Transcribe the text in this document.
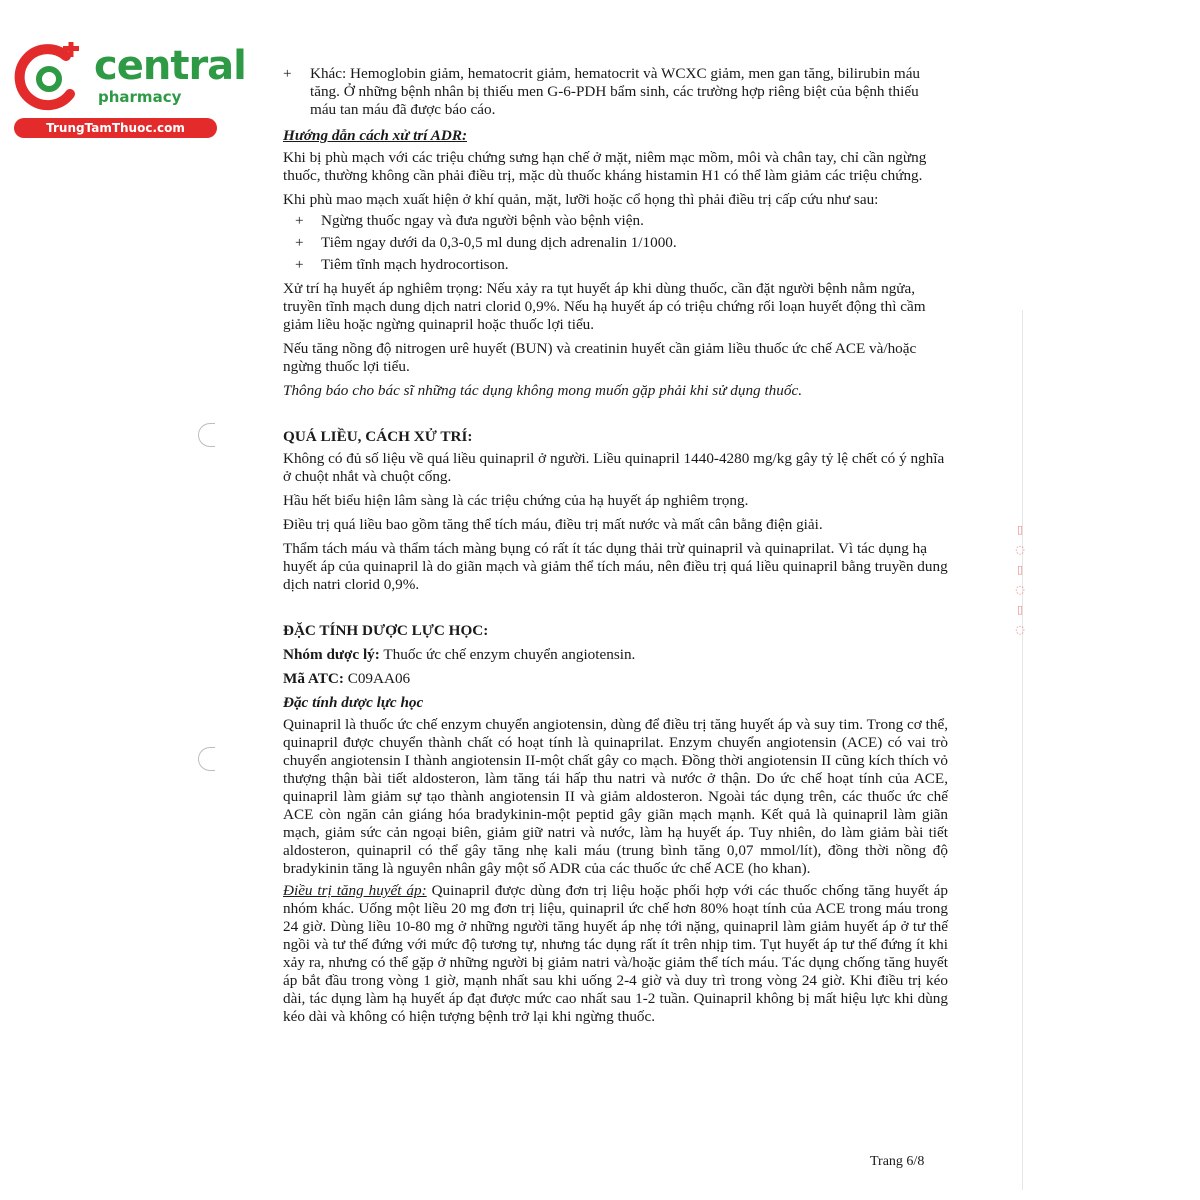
central
pharmacy
TrungTamThuoc.com
▯
◌
▯
◌
▯
◌

+ Khác: Hemoglobin giảm, hematocrit giảm, hematocrit và WCXC giảm, men gan tăng, bilirubin máu tăng. Ở những bệnh nhân bị thiếu men G-6-PDH bẩm sinh, các trường hợp riêng biệt của bệnh thiếu máu tan máu đã được báo cáo.

Hướng dẫn cách xử trí ADR:

Khi bị phù mạch với các triệu chứng sưng hạn chế ở mặt, niêm mạc mồm, môi và chân tay, chỉ cần ngừng thuốc, thường không cần phải điều trị, mặc dù thuốc kháng histamin H1 có thể làm giảm các triệu chứng.

Khi phù mao mạch xuất hiện ở khí quản, mặt, lưỡi hoặc cổ họng thì phải điều trị cấp cứu như sau:

+ Ngừng thuốc ngay và đưa người bệnh vào bệnh viện.

+ Tiêm ngay dưới da 0,3-0,5 ml dung dịch adrenalin 1/1000.

+ Tiêm tĩnh mạch hydrocortison.

Xử trí hạ huyết áp nghiêm trọng: Nếu xảy ra tụt huyết áp khi dùng thuốc, cần đặt người bệnh nằm ngửa, truyền tĩnh mạch dung dịch natri clorid 0,9%. Nếu hạ huyết áp có triệu chứng rối loạn huyết động thì cầm giảm liều hoặc ngừng quinapril hoặc thuốc lợi tiểu.

Nếu tăng nồng độ nitrogen urê huyết (BUN) và creatinin huyết cần giảm liều thuốc ức chế ACE và/hoặc ngừng thuốc lợi tiểu.

Thông báo cho bác sĩ những tác dụng không mong muốn gặp phải khi sử dụng thuốc.

QUÁ LIỀU, CÁCH XỬ TRÍ:

Không có đủ số liệu về quá liều quinapril ở người. Liều quinapril 1440-4280 mg/kg gây tỷ lệ chết có ý nghĩa ở chuột nhắt và chuột cống.

Hầu hết biểu hiện lâm sàng là các triệu chứng của hạ huyết áp nghiêm trọng.

Điều trị quá liều bao gồm tăng thể tích máu, điều trị mất nước và mất cân bằng điện giải.

Thẩm tách máu và thẩm tách màng bụng có rất ít tác dụng thải trừ quinapril và quinaprilat. Vì tác dụng hạ huyết áp của quinapril là do giãn mạch và giảm thể tích máu, nên điều trị quá liều quinapril bằng truyền dung dịch natri clorid 0,9%.

ĐẶC TÍNH DƯỢC LỰC HỌC:

Nhóm dược lý: Thuốc ức chế enzym chuyển angiotensin.

Mã ATC: C09AA06

Đặc tính dược lực học

Quinapril là thuốc ức chế enzym chuyển angiotensin, dùng để điều trị tăng huyết áp và suy tim. Trong cơ thể, quinapril được chuyển thành chất có hoạt tính là quinaprilat. Enzym chuyển angiotensin (ACE) có vai trò chuyển angiotensin I thành angiotensin II-một chất gây co mạch. Đồng thời angiotensin II cũng kích thích vỏ thượng thận bài tiết aldosteron, làm tăng tái hấp thu natri và nước ở thận. Do ức chế hoạt tính của ACE, quinapril làm giảm sự tạo thành angiotensin II và giảm aldosteron. Ngoài tác dụng trên, các thuốc ức chế ACE còn ngăn cản giáng hóa bradykinin-một peptid gây giãn mạch mạnh. Kết quả là quinapril làm giãn mạch, giảm sức cản ngoại biên, giảm giữ natri và nước, làm hạ huyết áp. Tuy nhiên, do làm giảm bài tiết aldosteron, quinapril có thể gây tăng nhẹ kali máu (trung bình tăng 0,07 mmol/lít), đồng thời nồng độ bradykinin tăng là nguyên nhân gây một số ADR của các thuốc ức chế ACE (ho khan).

Điều trị tăng huyết áp: Quinapril được dùng đơn trị liệu hoặc phối hợp với các thuốc chống tăng huyết áp nhóm khác. Uống một liều 20 mg đơn trị liệu, quinapril ức chế hơn 80% hoạt tính của ACE trong máu trong 24 giờ. Dùng liều 10-80 mg ở những người tăng huyết áp nhẹ tới nặng, quinapril làm giảm huyết áp ở tư thế ngồi và tư thế đứng với mức độ tương tự, nhưng tác dụng rất ít trên nhịp tim. Tụt huyết áp tư thế đứng ít khi xảy ra, nhưng có thể gặp ở những người bị giảm natri và/hoặc giảm thể tích máu. Tác dụng chống tăng huyết áp bắt đầu trong vòng 1 giờ, mạnh nhất sau khi uống 2-4 giờ và duy trì trong vòng 24 giờ. Khi điều trị kéo dài, tác dụng làm hạ huyết áp đạt được mức cao nhất sau 1-2 tuần. Quinapril không bị mất hiệu lực khi dùng kéo dài và không có hiện tượng bệnh trở lại khi ngừng thuốc.

Trang 6/8
